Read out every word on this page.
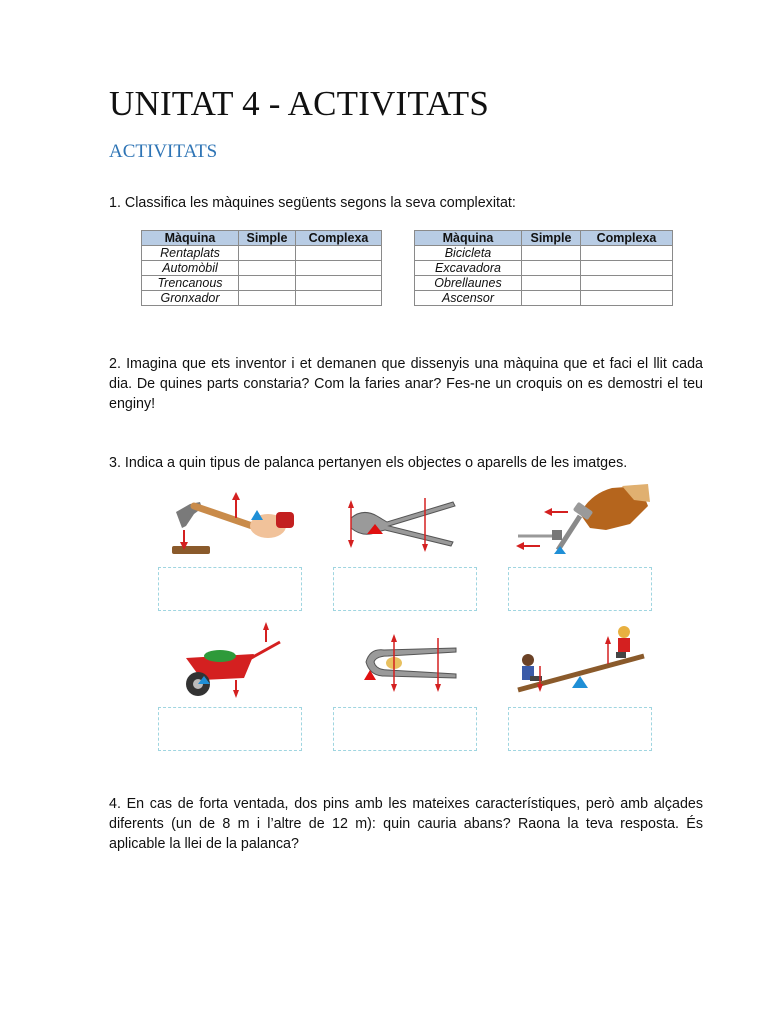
UNITAT 4 - ACTIVITATS
ACTIVITATS
1. Classifica les màquines següents segons la seva complexitat:
Màquina	Simple	Complexa
Rentaplats		
Automòbil		
Trencanous		
Gronxador		
Màquina	Simple	Complexa
Bicicleta		
Excavadora		
Obrellaunes		
Ascensor		
2. Imagina que ets inventor i et demanen que dissenyis una màquina que et faci el llit cada dia. De quines parts constaria? Com la faries anar? Fes-ne un croquis on es demostri el teu enginy!
3. Indica a quin tipus de palanca pertanyen els objectes o aparells de les imatges.
4. En cas de forta ventada, dos pins amb les mateixes característiques, però amb alçades diferents (un de 8 m i l’altre de 12 m): quin cauria abans? Raona la teva resposta. És aplicable la llei de la palanca?
